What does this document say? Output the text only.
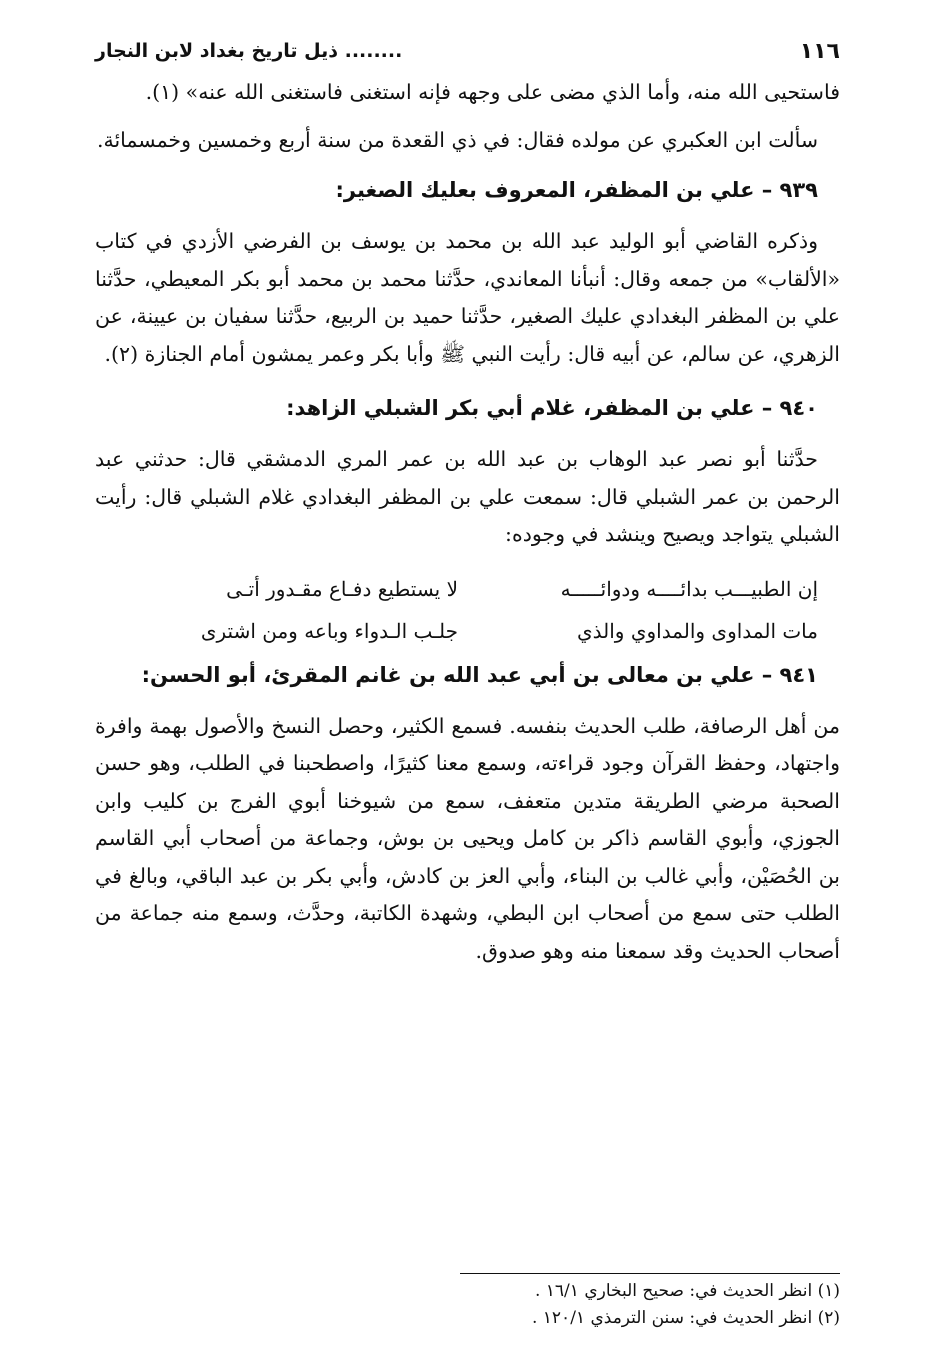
١١٦
........ ذيل تاريخ بغداد لابن النجار

فاستحيى الله منه، وأما الذي مضى على وجهه فإنه استغنى فاستغنى الله عنه» (١).

سألت ابن العكبري عن مولده فقال: في ذي القعدة من سنة أربع وخمسين وخمسمائة.

٩٣٩ – علي بن المظفر، المعروف بعليك الصغير:

وذكره القاضي أبو الوليد عبد الله بن محمد بن يوسف بن الفرضي الأزدي في كتاب «الألقاب» من جمعه وقال: أنبأنا المعاندي، حدَّثنا محمد بن محمد أبو بكر المعيطي، حدَّثنا علي بن المظفر البغدادي عليك الصغير، حدَّثنا حميد بن الربيع، حدَّثنا سفيان بن عيينة، عن الزهري، عن سالم، عن أبيه قال: رأيت النبي ﷺ وأبا بكر وعمر يمشون أمام الجنازة (٢).

٩٤٠ – علي بن المظفر، غلام أبي بكر الشبلي الزاهد:

حدَّثنا أبو نصر عبد الوهاب بن عبد الله بن عمر المري الدمشقي قال: حدثني عبد الرحمن بن عمر الشبلي قال: سمعت علي بن المظفر البغدادي غلام الشبلي قال: رأيت الشبلي يتواجد ويصيح وينشد في وجوده:

إن الطبيـــب بدائــــه ودوائـــــه
لا يستطيع دفـاع مقـدور أتـى
مات المداوى والمداوي والذي
جلـب الـدواء وباعه ومن اشترى

٩٤١ – علي بن معالى بن أبي عبد الله بن غانم المقرئ، أبو الحسن:

من أهل الرصافة، طلب الحديث بنفسه. فسمع الكثير، وحصل النسخ والأصول بهمة وافرة واجتهاد، وحفظ القرآن وجود قراءته، وسمع معنا كثيرًا، واصطحبنا في الطلب، وهو حسن الصحبة مرضي الطريقة متدين متعفف، سمع من شيوخنا أبوي الفرج بن كليب وابن الجوزي، وأبوي القاسم ذاكر بن كامل ويحيى بن بوش، وجماعة من أصحاب أبي القاسم بن الحُصَيْن، وأبي غالب بن البناء، وأبي العز بن كادش، وأبي بكر بن عبد الباقي، وبالغ في الطلب حتى سمع من أصحاب ابن البطي، وشهدة الكاتبة، وحدَّث، وسمع منه جماعة من أصحاب الحديث وقد سمعنا منه وهو صدوق.

(١) انظر الحديث في: صحيح البخاري ١٦/١ .

(٢) انظر الحديث في: سنن الترمذي ١٢٠/١ .
